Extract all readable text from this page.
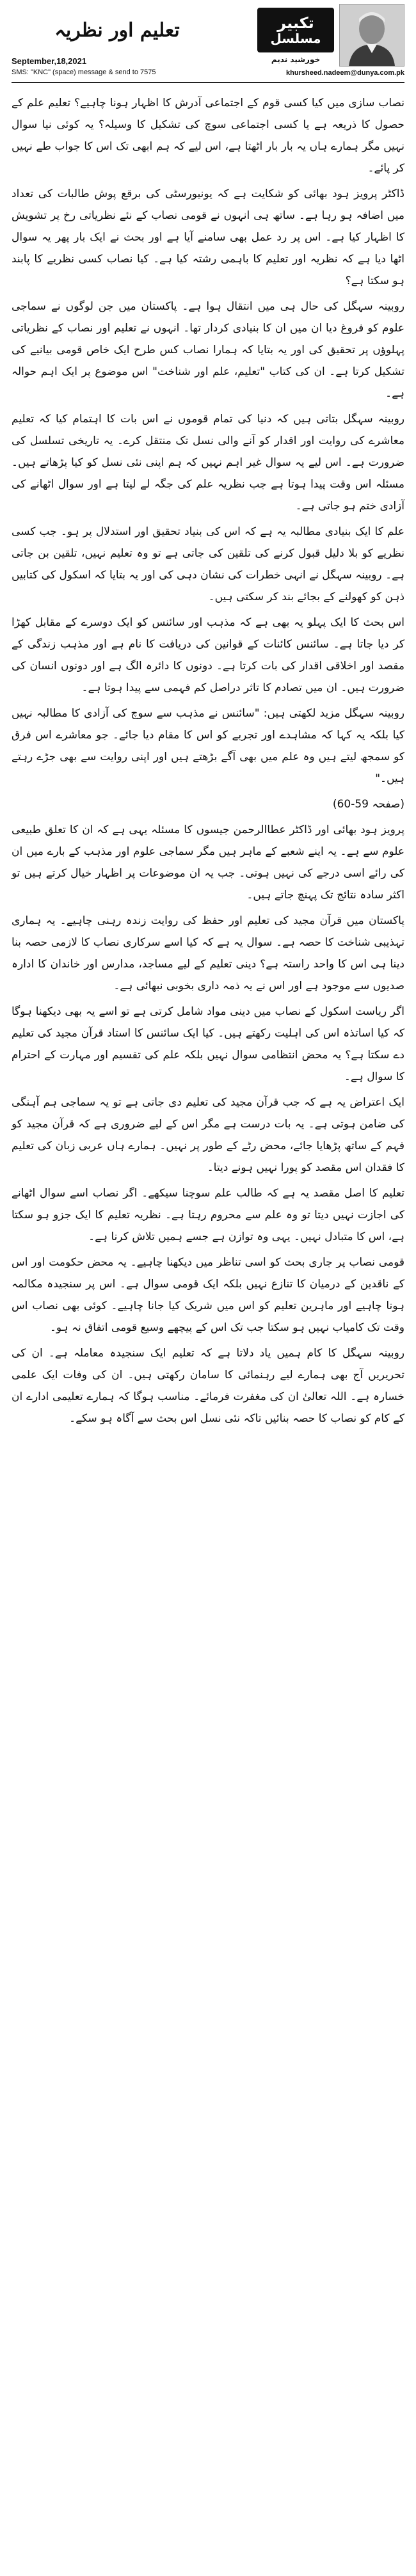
تعلیم اور نظریہ	تکبیر
مسلسل
خورشید ندیم
September,18,2021
SMS: "KNC" (space) message & send to 7575	khursheed.nadeem@dunya.com.pk

نصاب سازی میں کیا کسی قوم کے اجتماعی آدرش کا اظہار ہونا چاہیے؟ تعلیم علم کے حصول کا ذریعہ ہے یا کسی اجتماعی سوچ کی تشکیل کا وسیلہ؟ یہ کوئی نیا سوال نہیں مگر ہمارے ہاں یہ بار بار اٹھتا ہے، اس لیے کہ ہم ابھی تک اس کا جواب طے نہیں کر پائے۔

ڈاکٹر پرویز ہود بھائی کو شکایت ہے کہ یونیورسٹی کی برقع پوش طالبات کی تعداد میں اضافہ ہو رہا ہے۔ ساتھ ہی انہوں نے قومی نصاب کے نئے نظریاتی رخ پر تشویش کا اظہار کیا ہے۔ اس پر رد عمل بھی سامنے آیا ہے اور بحث نے ایک بار پھر یہ سوال اٹھا دیا ہے کہ نظریہ اور تعلیم کا باہمی رشتہ کیا ہے۔ کیا نصاب کسی نظریے کا پابند ہو سکتا ہے؟

روبینہ سہگل کی حال ہی میں انتقال ہوا ہے۔ پاکستان میں جن لوگوں نے سماجی علوم کو فروغ دیا ان میں ان کا بنیادی کردار تھا۔ انہوں نے تعلیم اور نصاب کے نظریاتی پہلوؤں پر تحقیق کی اور یہ بتایا کہ ہمارا نصاب کس طرح ایک خاص قومی بیانیے کی تشکیل کرتا ہے۔ ان کی کتاب "تعلیم، علم اور شناخت" اس موضوع پر ایک اہم حوالہ ہے۔

روبینہ سہگل بتاتی ہیں کہ دنیا کی تمام قوموں نے اس بات کا اہتمام کیا کہ تعلیم معاشرے کی روایت اور اقدار کو آنے والی نسل تک منتقل کرے۔ یہ تاریخی تسلسل کی ضرورت ہے۔ اس لیے یہ سوال غیر اہم نہیں کہ ہم اپنی نئی نسل کو کیا پڑھاتے ہیں۔ مسئلہ اس وقت پیدا ہوتا ہے جب نظریہ علم کی جگہ لے لیتا ہے اور سوال اٹھانے کی آزادی ختم ہو جاتی ہے۔

علم کا ایک بنیادی مطالبہ یہ ہے کہ اس کی بنیاد تحقیق اور استدلال پر ہو۔ جب کسی نظریے کو بلا دلیل قبول کرنے کی تلقین کی جاتی ہے تو وہ تعلیم نہیں، تلقین بن جاتی ہے۔ روبینہ سہگل نے انہی خطرات کی نشان دہی کی اور یہ بتایا کہ اسکول کی کتابیں ذہن کو کھولنے کے بجائے بند کر سکتی ہیں۔

اس بحث کا ایک پہلو یہ بھی ہے کہ مذہب اور سائنس کو ایک دوسرے کے مقابل کھڑا کر دیا جاتا ہے۔ سائنس کائنات کے قوانین کی دریافت کا نام ہے اور مذہب زندگی کے مقصد اور اخلاقی اقدار کی بات کرتا ہے۔ دونوں کا دائرہ الگ ہے اور دونوں انسان کی ضرورت ہیں۔ ان میں تصادم کا تاثر دراصل کم فہمی سے پیدا ہوتا ہے۔

روبینہ سہگل مزید لکھتی ہیں: "سائنس نے مذہب سے سوچ کی آزادی کا مطالبہ نہیں کیا بلکہ یہ کہا کہ مشاہدے اور تجربے کو اس کا مقام دیا جائے۔ جو معاشرے اس فرق کو سمجھ لیتے ہیں وہ علم میں بھی آگے بڑھتے ہیں اور اپنی روایت سے بھی جڑے رہتے ہیں۔"

(صفحہ 59-60)

پرویز ہود بھائی اور ڈاکٹر عطاالرحمن جیسوں کا مسئلہ یہی ہے کہ ان کا تعلق طبیعی علوم سے ہے۔ یہ اپنے شعبے کے ماہر ہیں مگر سماجی علوم اور مذہب کے بارے میں ان کی رائے اسی درجے کی نہیں ہوتی۔ جب یہ ان موضوعات پر اظہار خیال کرتے ہیں تو اکثر سادہ نتائج تک پہنچ جاتے ہیں۔

پاکستان میں قرآن مجید کی تعلیم اور حفظ کی روایت زندہ رہنی چاہیے۔ یہ ہماری تہذیبی شناخت کا حصہ ہے۔ سوال یہ ہے کہ کیا اسے سرکاری نصاب کا لازمی حصہ بنا دینا ہی اس کا واحد راستہ ہے؟ دینی تعلیم کے لیے مساجد، مدارس اور خاندان کا ادارہ صدیوں سے موجود ہے اور اس نے یہ ذمہ داری بخوبی نبھائی ہے۔

اگر ریاست اسکول کے نصاب میں دینی مواد شامل کرتی ہے تو اسے یہ بھی دیکھنا ہوگا کہ کیا اساتذہ اس کی اہلیت رکھتے ہیں۔ کیا ایک سائنس کا استاد قرآن مجید کی تعلیم دے سکتا ہے؟ یہ محض انتظامی سوال نہیں بلکہ علم کی تقسیم اور مہارت کے احترام کا سوال ہے۔

ایک اعتراض یہ ہے کہ جب قرآن مجید کی تعلیم دی جاتی ہے تو یہ سماجی ہم آہنگی کی ضامن ہوتی ہے۔ یہ بات درست ہے مگر اس کے لیے ضروری ہے کہ قرآن مجید کو فہم کے ساتھ پڑھایا جائے، محض رٹے کے طور پر نہیں۔ ہمارے ہاں عربی زبان کی تعلیم کا فقدان اس مقصد کو پورا نہیں ہونے دیتا۔

تعلیم کا اصل مقصد یہ ہے کہ طالب علم سوچنا سیکھے۔ اگر نصاب اسے سوال اٹھانے کی اجازت نہیں دیتا تو وہ علم سے محروم رہتا ہے۔ نظریہ تعلیم کا ایک جزو ہو سکتا ہے، اس کا متبادل نہیں۔ یہی وہ توازن ہے جسے ہمیں تلاش کرنا ہے۔

قومی نصاب پر جاری بحث کو اسی تناظر میں دیکھنا چاہیے۔ یہ محض حکومت اور اس کے ناقدین کے درمیان کا تنازع نہیں بلکہ ایک قومی سوال ہے۔ اس پر سنجیدہ مکالمہ ہونا چاہیے اور ماہرین تعلیم کو اس میں شریک کیا جانا چاہیے۔ کوئی بھی نصاب اس وقت تک کامیاب نہیں ہو سکتا جب تک اس کے پیچھے وسیع قومی اتفاق نہ ہو۔

روبینہ سہگل کا کام ہمیں یاد دلاتا ہے کہ تعلیم ایک سنجیدہ معاملہ ہے۔ ان کی تحریریں آج بھی ہمارے لیے رہنمائی کا سامان رکھتی ہیں۔ ان کی وفات ایک علمی خسارہ ہے۔ اللہ تعالیٰ ان کی مغفرت فرمائے۔ مناسب ہوگا کہ ہمارے تعلیمی ادارے ان کے کام کو نصاب کا حصہ بنائیں تاکہ نئی نسل اس بحث سے آگاہ ہو سکے۔
